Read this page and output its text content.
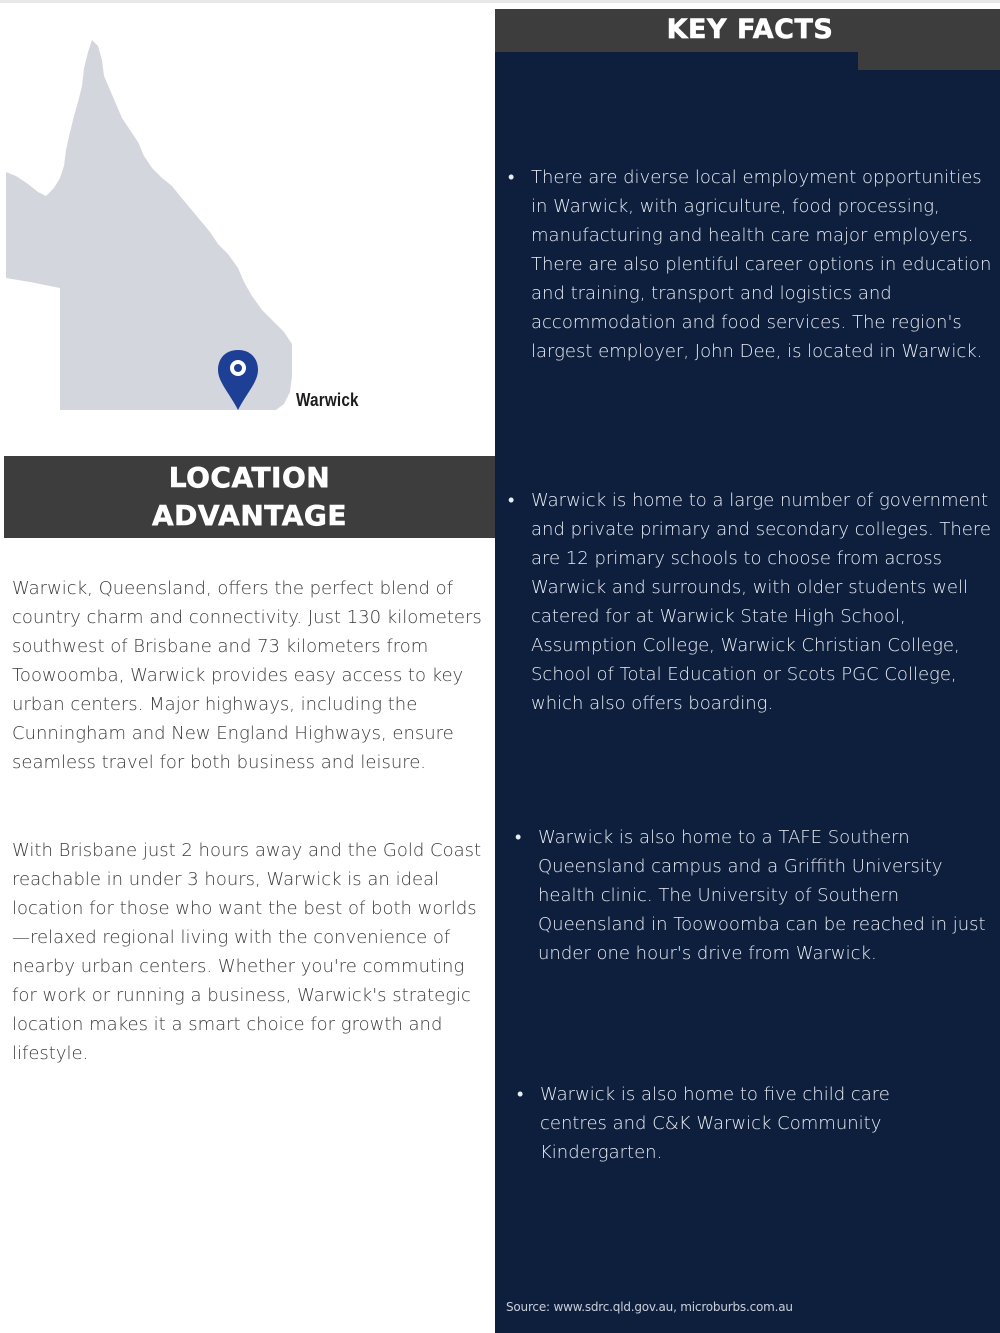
Warwick
LOCATION
ADVANTAGE
Warwick, Queensland, offers the perfect blend of country charm and connectivity. Just 130 kilometers southwest of Brisbane and 73 kilometers from Toowoomba, Warwick provides easy access to key urban centers. Major highways, including the Cunningham and New England Highways, ensure seamless travel for both business and leisure.
With Brisbane just 2 hours away and the Gold Coast reachable in under 3 hours, Warwick is an ideal location for those who want the best of both worlds—relaxed regional living with the convenience of nearby urban centers. Whether you're commuting for work or running a business, Warwick's strategic location makes it a smart choice for growth and lifestyle.
KEY FACTS
• There are diverse local employment opportunities in Warwick, with agriculture, food processing, manufacturing and health care major employers. There are also plentiful career options in education and training, transport and logistics and accommodation and food services. The region's largest employer, John Dee, is located in Warwick.
• Warwick is home to a large number of government and private primary and secondary colleges. There are 12 primary schools to choose from across Warwick and surrounds, with older students well catered for at Warwick State High School, Assumption College, Warwick Christian College, School of Total Education or Scots PGC College, which also offers boarding.
• Warwick is also home to a TAFE Southern Queensland campus and a Griffith University health clinic. The University of Southern Queensland in Toowoomba can be reached in just under one hour's drive from Warwick.
• Warwick is also home to five child care centres and C&K Warwick Community Kindergarten.
Source: www.sdrc.qld.gov.au, microburbs.com.au
